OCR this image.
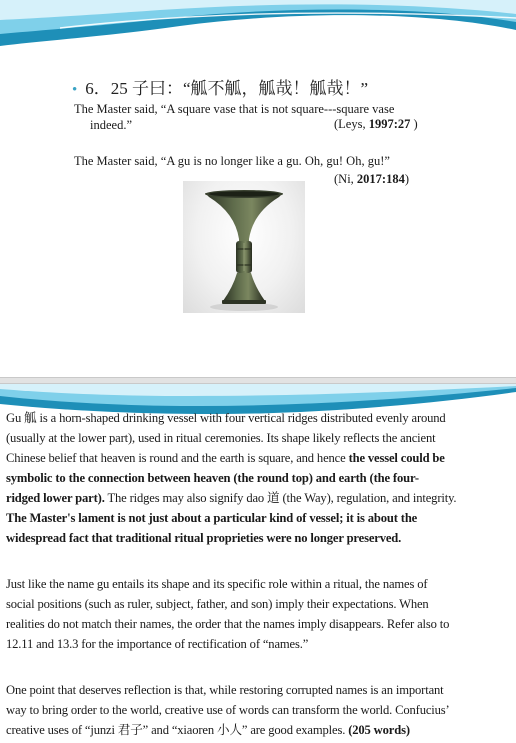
• 6．25 子曰：“觚不觚，觚哉！觚哉！”
The Master said, “A square vase that is not square---square vase
indeed.”	(Leys, 1997:27 )
The Master said, “A gu is no longer like a gu. Oh, gu! Oh, gu!”
(Ni, 2017:184)

Gu 觚 is a horn-shaped drinking vessel with four vertical ridges distributed evenly around
(usually at the lower part), used in ritual ceremonies. Its shape likely reflects the ancient
Chinese belief that heaven is round and the earth is square, and hence the vessel could be
symbolic to the connection between heaven (the round top) and earth (the four-
ridged lower part). The ridges may also signify dao 道 (the Way), regulation, and integrity.
The Master's lament is not just about a particular kind of vessel; it is about the
widespread fact that traditional ritual proprieties were no longer preserved.

Just like the name gu entails its shape and its specific role within a ritual, the names of
social positions (such as ruler, subject, father, and son) imply their expectations. When
realities do not match their names, the order that the names imply disappears. Refer also to
12.11 and 13.3 for the importance of rectification of “names.”

One point that deserves reflection is that, while restoring corrupted names is an important
way to bring order to the world, creative use of words can transform the world. Confucius’
creative uses of “junzi 君子” and “xiaoren 小人” are good examples. (205 words)
